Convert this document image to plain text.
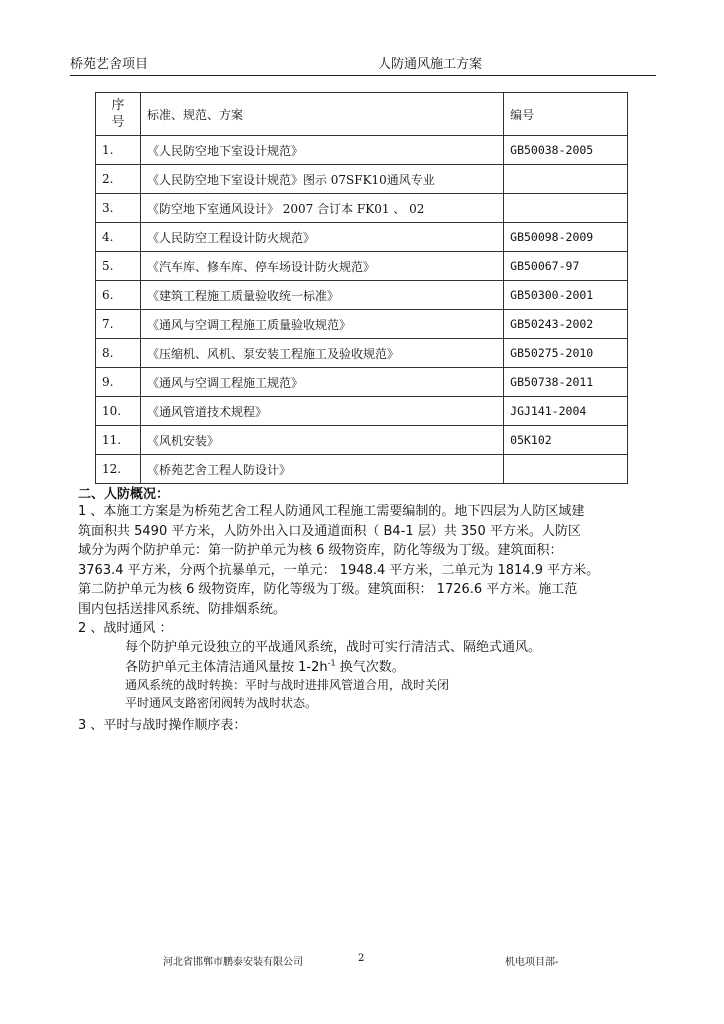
桥苑艺舍项目	人防通风施工方案
序
号	标准、规范、方案	编号
1.	《人民防空地下室设计规范》	GB50038-2005
2.	《人民防空地下室设计规范》图示 07SFK10通风专业	
3.	《防空地下室通风设计》 2007 合订本 FK01 、 02	
4.	《人民防空工程设计防火规范》	GB50098-2009
5.	《汽车库、修车库、停车场设计防火规范》	GB50067-97
6.	《建筑工程施工质量验收统一标准》	GB50300-2001
7.	《通风与空调工程施工质量验收规范》	GB50243-2002
8.	《压缩机、风机、泵安装工程施工及验收规范》	GB50275-2010
9.	《通风与空调工程施工规范》	GB50738-2011
10.	《通风管道技术规程》	JGJ141-2004
11.	《风机安装》	05K102
12.	《桥苑艺舍工程人防设计》	
二、人防概况：
1 、本施工方案是为桥苑艺舍工程人防通风工程施工需要编制的。地下四层为人防区域建
筑面积共 5490 平方米，人防外出入口及通道面积（ B4-1 层）共 350 平方米。人防区
域分为两个防护单元：第一防护单元为核 6 级物资库，防化等级为丁级。建筑面积：
3763.4 平方米，分两个抗暴单元，一单元： 1948.4 平方米，二单元为 1814.9 平方米。
第二防护单元为核 6 级物资库，防化等级为丁级。建筑面积： 1726.6 平方米。施工范
围内包括送排风系统、防排烟系统。
2 、战时通风 ：
每个防护单元设独立的平战通风系统，战时可实行清洁式、隔绝式通风。
各防护单元主体清洁通风量按 $1-2h^{-1}$ 换气次数。
通风系统的战时转换：平时与战时进排风管道合用，战时关闭
平时通风支路密闭阀转为战时状态。
3 、平时与战时操作顺序表：
河北省邯郸市鹏泰安装有限公司	2	机电项目部-
